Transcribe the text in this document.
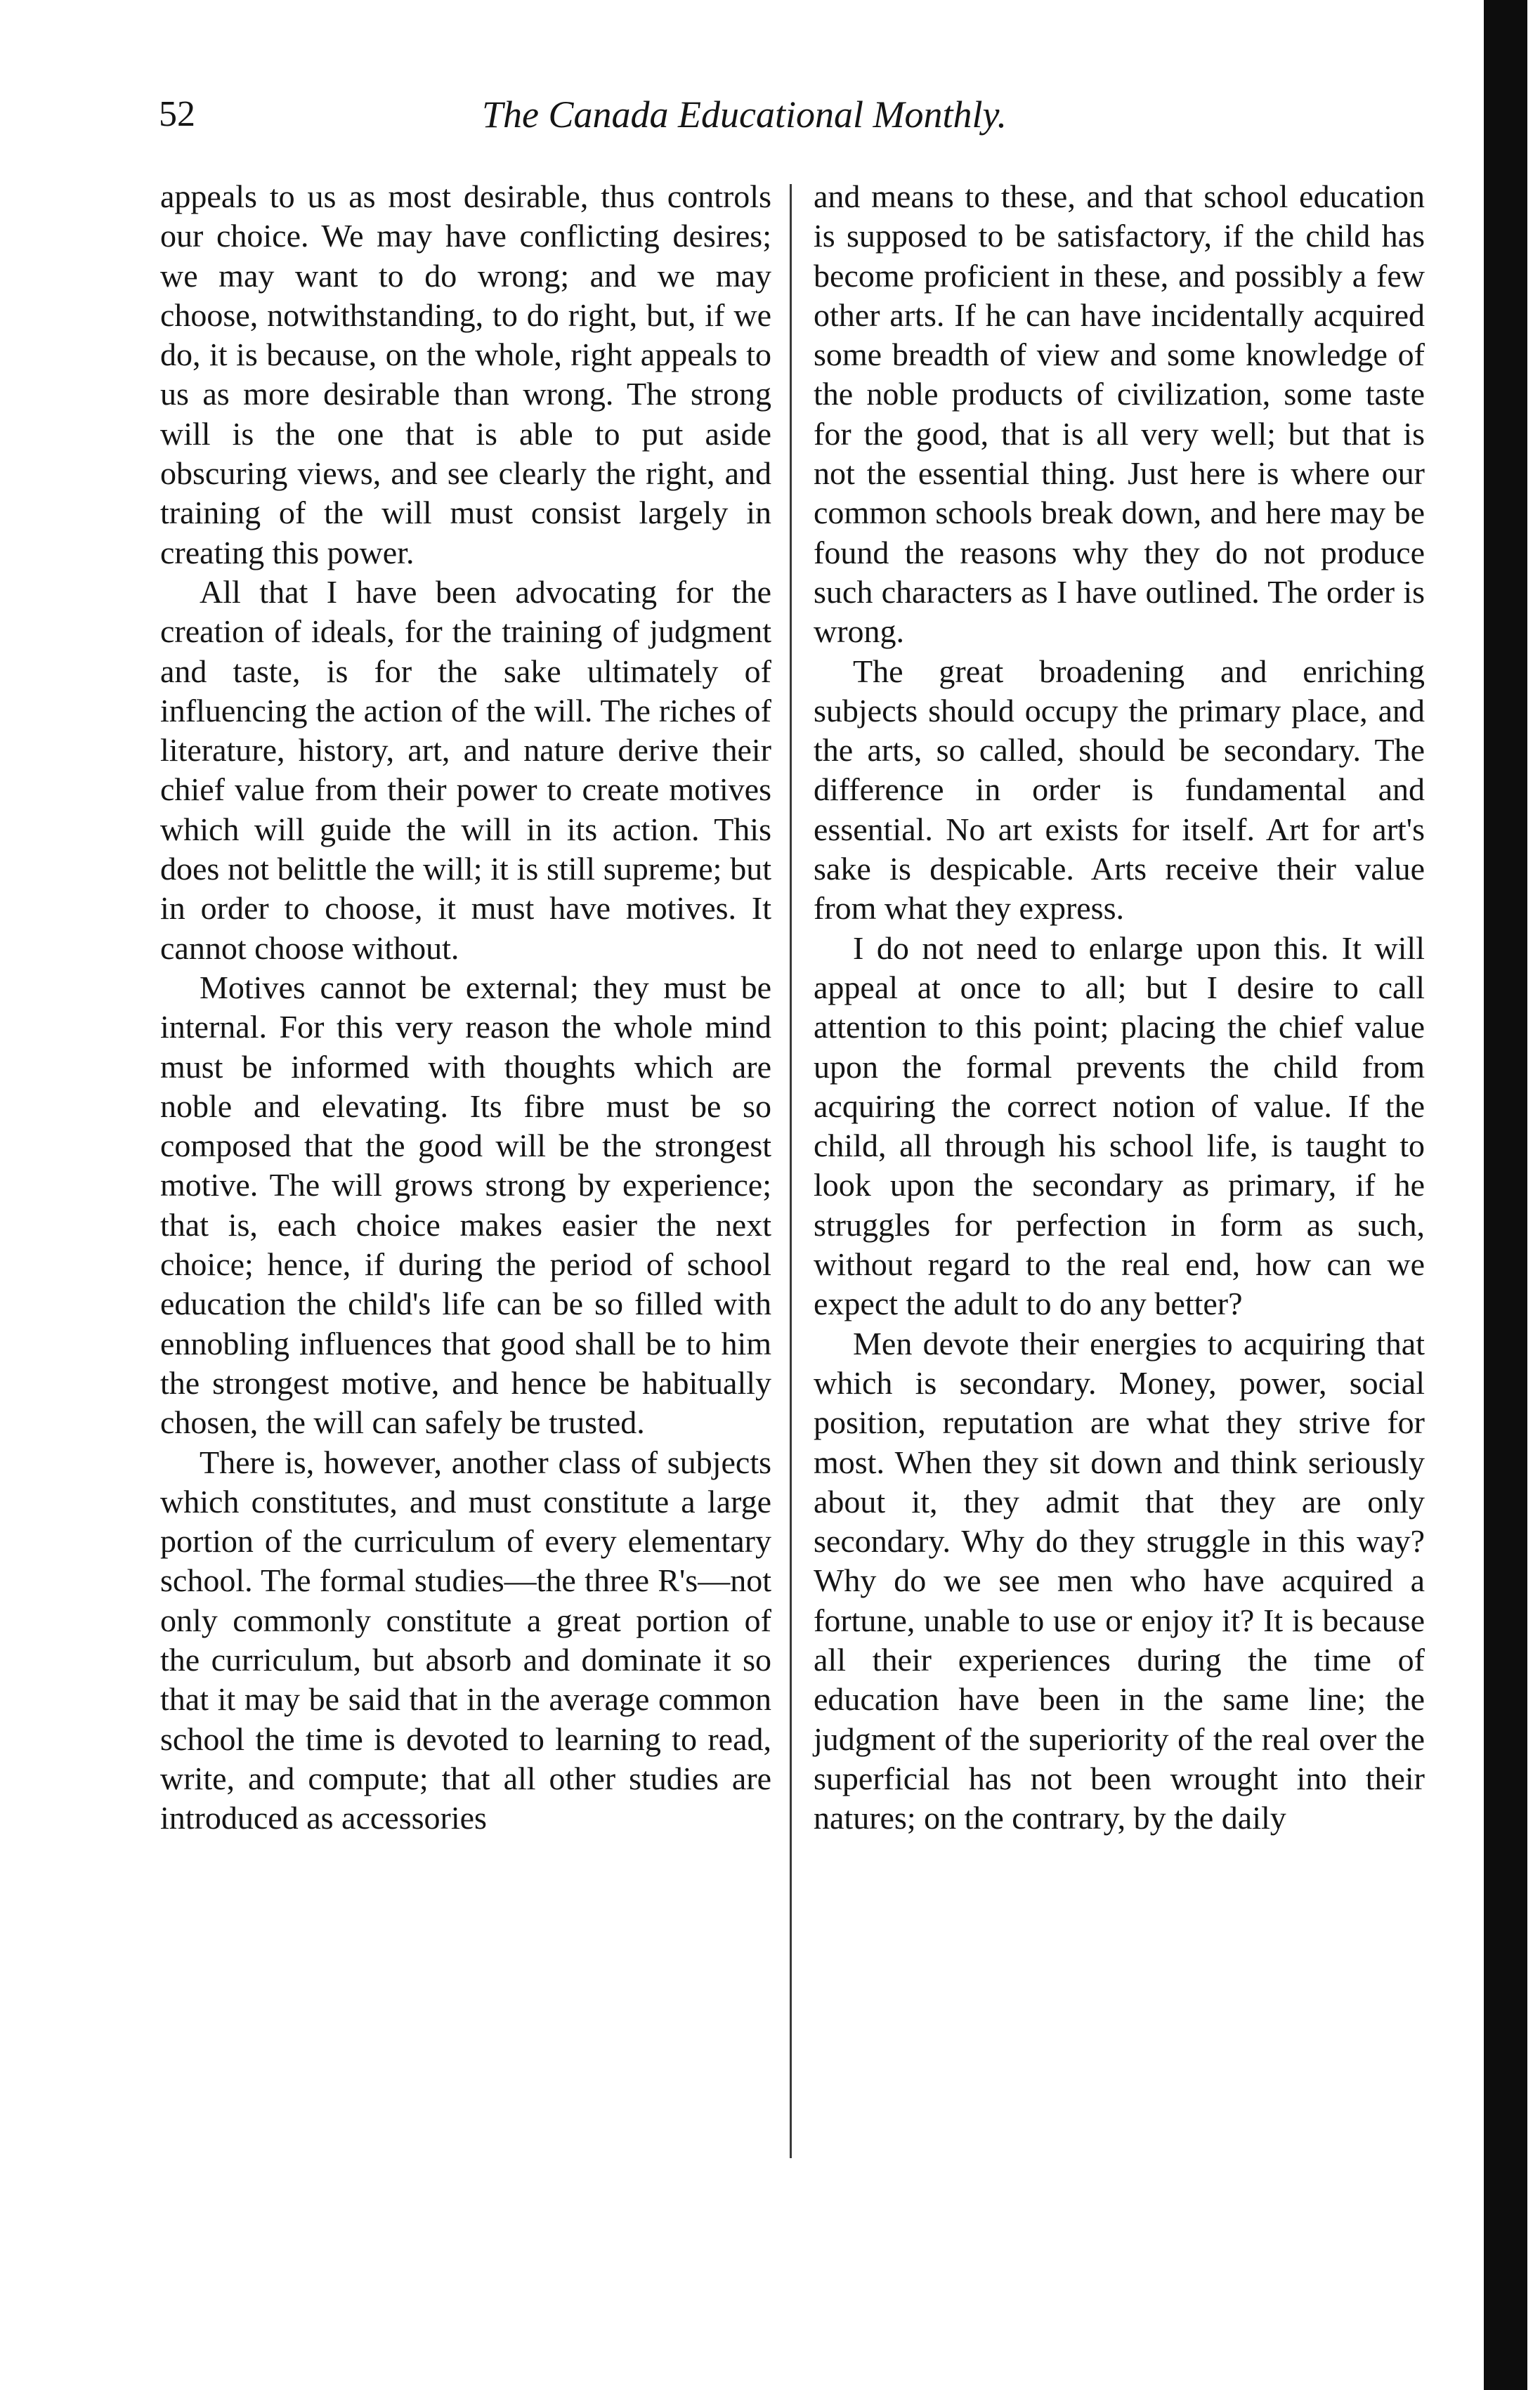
52	The Canada Educational Monthly.

appeals to us as most desirable, thus controls our choice. We may have conflicting desires; we may want to do wrong; and we may choose, notwithstanding, to do right, but, if we do, it is because, on the whole, right appeals to us as more desirable than wrong. The strong will is the one that is able to put aside obscuring views, and see clearly the right, and training of the will must consist largely in creating this power.

All that I have been advocating for the creation of ideals, for the training of judgment and taste, is for the sake ultimately of influencing the action of the will. The riches of literature, history, art, and nature derive their chief value from their power to create motives which will guide the will in its action. This does not belittle the will; it is still supreme; but in order to choose, it must have motives. It cannot choose without.

Motives cannot be external; they must be internal. For this very reason the whole mind must be informed with thoughts which are noble and elevating. Its fibre must be so composed that the good will be the strongest motive. The will grows strong by experience; that is, each choice makes easier the next choice; hence, if during the period of school education the child's life can be so filled with ennobling influences that good shall be to him the strongest motive, and hence be habitually chosen, the will can safely be trusted.

There is, however, another class of subjects which constitutes, and must constitute a large portion of the curriculum of every elementary school. The formal studies—the three R's—not only commonly constitute a great portion of the curriculum, but absorb and dominate it so that it may be said that in the average common school the time is devoted to learning to read, write, and compute; that all other studies are introduced as accessories

and means to these, and that school education is supposed to be satisfactory, if the child has become proficient in these, and possibly a few other arts. If he can have incidentally acquired some breadth of view and some knowledge of the noble products of civilization, some taste for the good, that is all very well; but that is not the essential thing. Just here is where our common schools break down, and here may be found the reasons why they do not produce such characters as I have outlined. The order is wrong.

The great broadening and enriching subjects should occupy the primary place, and the arts, so called, should be secondary. The difference in order is fundamental and essential. No art exists for itself. Art for art's sake is despicable. Arts receive their value from what they express.

I do not need to enlarge upon this. It will appeal at once to all; but I desire to call attention to this point; placing the chief value upon the formal prevents the child from acquiring the correct notion of value. If the child, all through his school life, is taught to look upon the secondary as primary, if he struggles for perfection in form as such, without regard to the real end, how can we expect the adult to do any better?

Men devote their energies to acquiring that which is secondary. Money, power, social position, reputation are what they strive for most. When they sit down and think seriously about it, they admit that they are only secondary. Why do they struggle in this way? Why do we see men who have acquired a fortune, unable to use or enjoy it? It is because all their experiences during the time of education have been in the same line; the judgment of the superiority of the real over the superficial has not been wrought into their natures; on the contrary, by the daily
